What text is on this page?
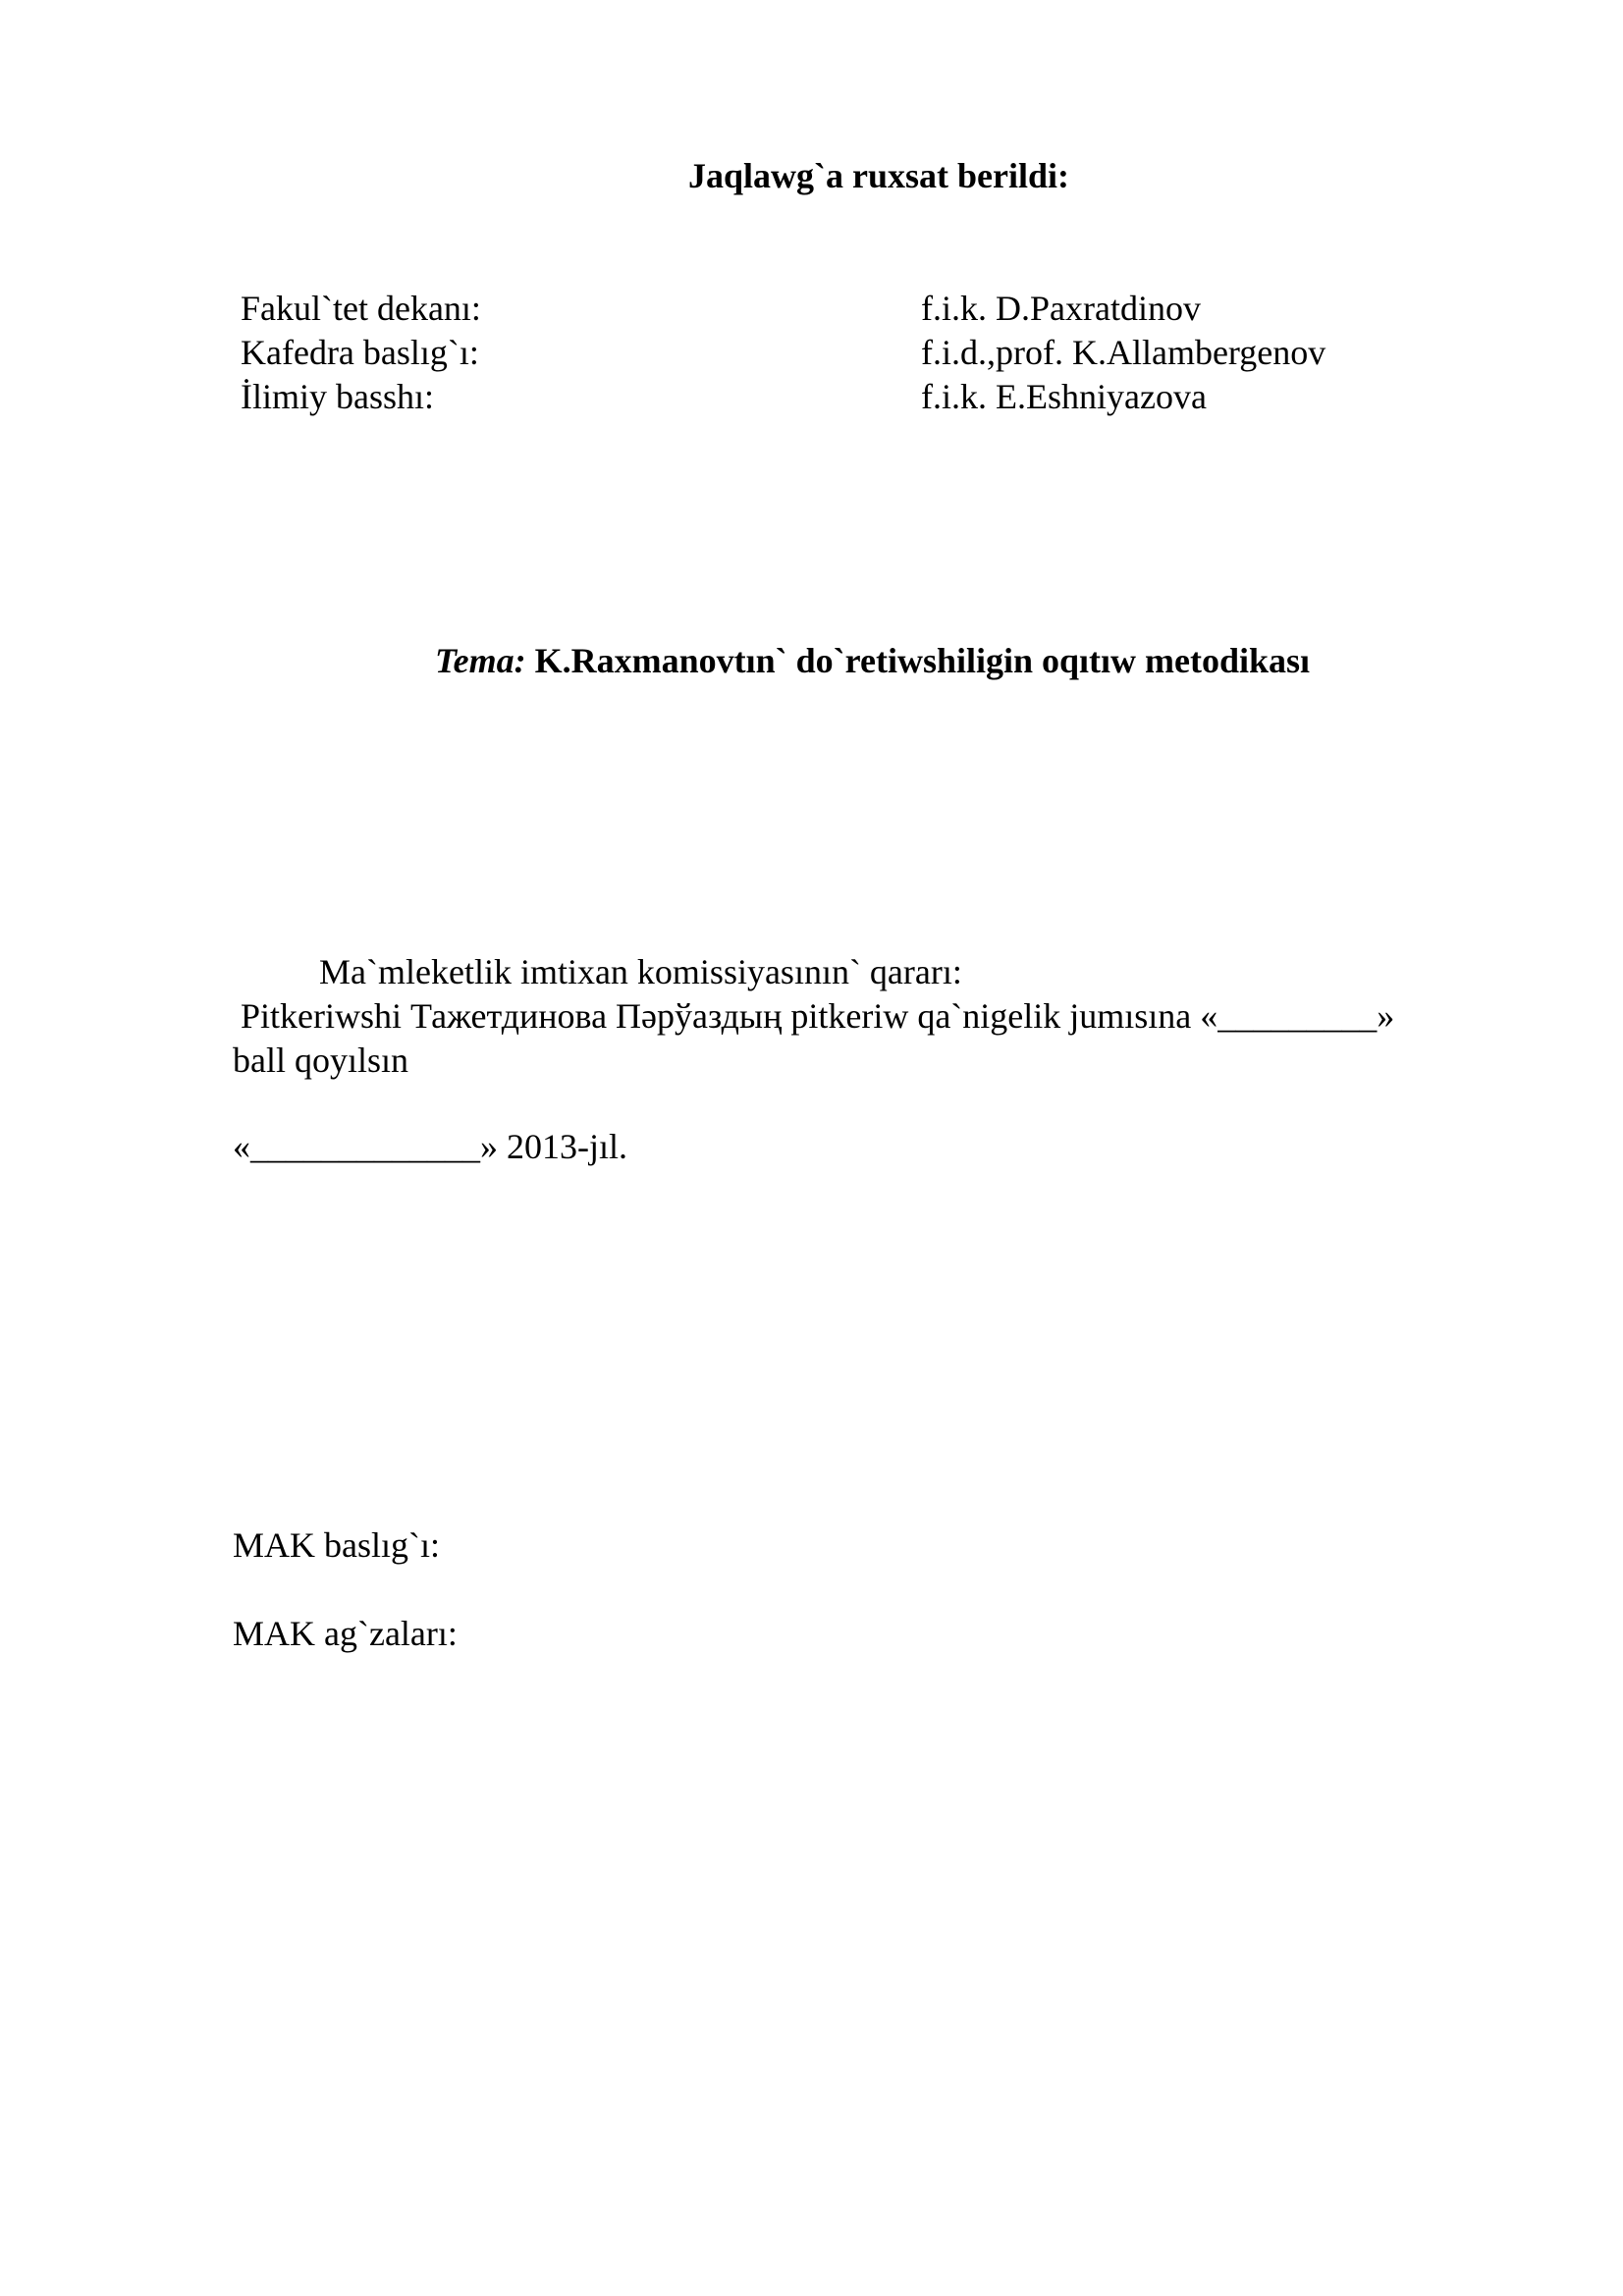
Jaqlawg`a ruxsat berildi:
Fakul`tet dekanı:	f.i.k. D.Paxratdinov
Kafedra baslıg`ı:	f.i.d.,prof. K.Allambergenov
İlimiy basshı:	f.i.k. E.Eshniyazova
Tema: K.Raxmanovtın` do`retiwshiligin oqıtıw metodikası
Ma`mleketlik imtixan komissiyasının` qararı:
Pitkeriwshi Тажетдинова Пәрўаздың pitkeriw qa`nigelik jumısına «_________»
ball qoyılsın
«_____________» 2013-jıl.
MAK baslıg`ı:
MAK ag`zaları:
